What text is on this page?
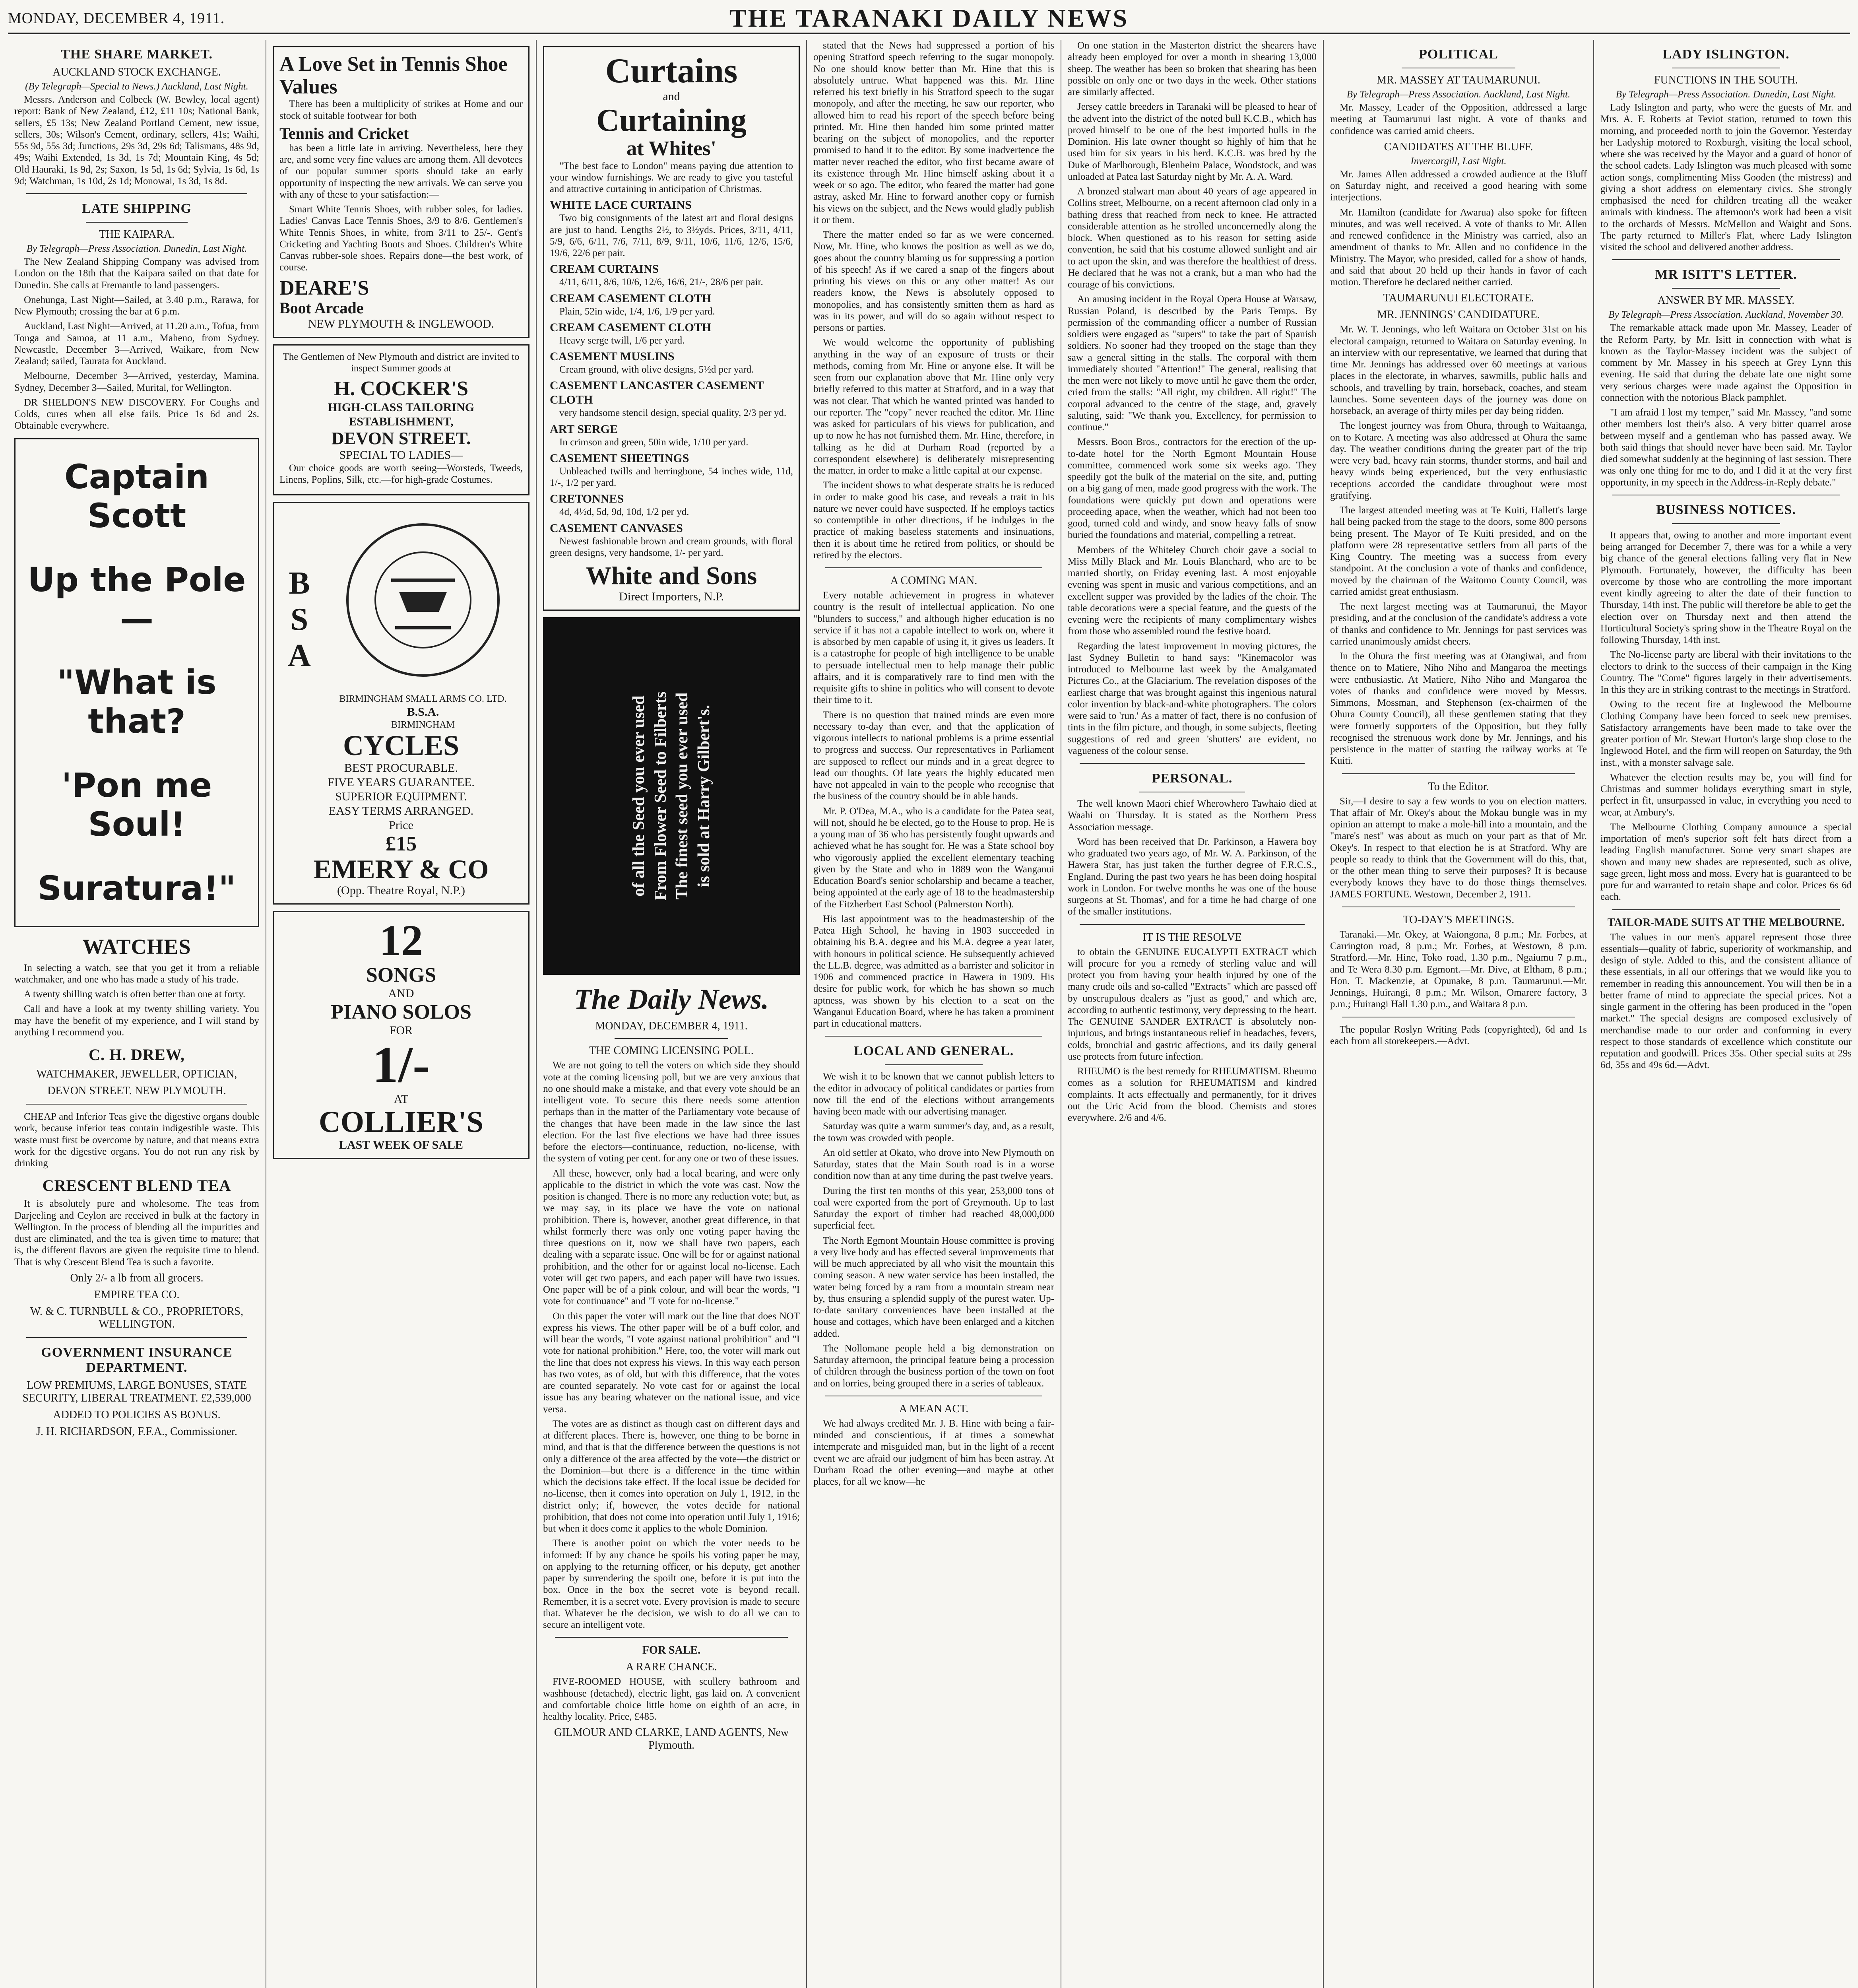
MONDAY, DECEMBER 4, 1911.	THE TARANAKI DAILY NEWS
THE SHARE MARKET.
AUCKLAND STOCK EXCHANGE.
(By Telegraph—Special to News.) Auckland, Last Night.

Messrs. Anderson and Colbeck (W. Bewley, local agent) report: Bank of New Zealand, £12, £11 10s; National Bank, sellers, £5 13s; New Zealand Portland Cement, new issue, sellers, 30s; Wilson's Cement, ordinary, sellers, 41s; Waihi, 55s 9d, 55s 3d; Junctions, 29s 3d, 29s 6d; Talismans, 48s 9d, 49s; Waihi Extended, 1s 3d, 1s 7d; Mountain King, 4s 5d; Old Hauraki, 1s 9d, 2s; Saxon, 1s 5d, 1s 6d; Sylvia, 1s 6d, 1s 9d; Watchman, 1s 10d, 2s 1d; Monowai, 1s 3d, 1s 8d.

LATE SHIPPING
THE KAIPARA.
By Telegraph—Press Association. Dunedin, Last Night.

The New Zealand Shipping Company was advised from London on the 18th that the Kaipara sailed on that date for Dunedin. She calls at Fremantle to land passengers.

Onehunga, Last Night—Sailed, at 3.40 p.m., Rarawa, for New Plymouth; crossing the bar at 6 p.m.

Auckland, Last Night—Arrived, at 11.20 a.m., Tofua, from Tonga and Samoa, at 11 a.m., Maheno, from Sydney. Newcastle, December 3—Arrived, Waikare, from New Zealand; sailed, Taurata for Auckland.

Melbourne, December 3—Arrived, yesterday, Mamina. Sydney, December 3—Sailed, Murital, for Wellington.

DR SHELDON'S NEW DISCOVERY. For Coughs and Colds, cures when all else fails. Price 1s 6d and 2s. Obtainable everywhere.

Captain Scott
Up the Pole—
"What is that?
'Pon me Soul!
Suratura!"
WATCHES

In selecting a watch, see that you get it from a reliable watchmaker, and one who has made a study of his trade.

A twenty shilling watch is often better than one at forty.

Call and have a look at my twenty shilling variety. You may have the benefit of my experience, and I will stand by anything I recommend you.

C. H. DREW,
WATCHMAKER, JEWELLER, OPTICIAN,
DEVON STREET. NEW PLYMOUTH.

CHEAP and Inferior Teas give the digestive organs double work, because inferior teas contain indigestible waste. This waste must first be overcome by nature, and that means extra work for the digestive organs. You do not run any risk by drinking

CRESCENT BLEND TEA

It is absolutely pure and wholesome. The teas from Darjeeling and Ceylon are received in bulk at the factory in Wellington. In the process of blending all the impurities and dust are eliminated, and the tea is given time to mature; that is, the different flavors are given the requisite time to blend. That is why Crescent Blend Tea is such a favorite.

Only 2/- a lb from all grocers.
EMPIRE TEA CO.
W. & C. TURNBULL & CO., PROPRIETORS, WELLINGTON.
GOVERNMENT INSURANCE DEPARTMENT.
LOW PREMIUMS, LARGE BONUSES, STATE SECURITY, LIBERAL TREATMENT. £2,539,000
ADDED TO POLICIES AS BONUS.
J. H. RICHARDSON, F.F.A., Commissioner.
A Love Set in Tennis Shoe Values

There has been a multiplicity of strikes at Home and our stock of suitable footwear for both

Tennis and Cricket

has been a little late in arriving. Nevertheless, here they are, and some very fine values are among them. All devotees of our popular summer sports should take an early opportunity of inspecting the new arrivals. We can serve you with any of these to your satisfaction:—

Smart White Tennis Shoes, with rubber soles, for ladies. Ladies' Canvas Lace Tennis Shoes, 3/9 to 8/6. Gentlemen's White Tennis Shoes, in white, from 3/11 to 25/-. Gent's Cricketing and Yachting Boots and Shoes. Children's White Canvas rubber-sole shoes. Repairs done—the best work, of course.

DEARE'S
Boot Arcade
NEW PLYMOUTH & INGLEWOOD.

The Gentlemen of New Plymouth and district are invited to inspect Summer goods at

H. COCKER'S
HIGH-CLASS TAILORING ESTABLISHMENT,
DEVON STREET.
SPECIAL TO LADIES—

Our choice goods are worth seeing—Worsteds, Tweeds, Linens, Poplins, Silk, etc.—for high-grade Costumes.

B
S
A
BIRMINGHAM SMALL ARMS CO. LTD.
B.S.A.
BIRMINGHAM
CYCLES
BEST PROCURABLE.
FIVE YEARS GUARANTEE.
SUPERIOR EQUIPMENT.
EASY TERMS ARRANGED.
Price
£15
EMERY & CO
(Opp. Theatre Royal, N.P.)
12
SONGS
AND
PIANO SOLOS
FOR
1/-
AT
COLLIER'S
LAST WEEK OF SALE
Curtains
and
Curtaining
at Whites'

"The best face to London" means paying due attention to your window furnishings. We are ready to give you tasteful and attractive curtaining in anticipation of Christmas.

WHITE LACE CURTAINS

Two big consignments of the latest art and floral designs are just to hand. Lengths 2½, to 3½yds. Prices, 3/11, 4/11, 5/9, 6/6, 6/11, 7/6, 7/11, 8/9, 9/11, 10/6, 11/6, 12/6, 15/6, 19/6, 22/6 per pair.

CREAM CURTAINS

4/11, 6/11, 8/6, 10/6, 12/6, 16/6, 21/-, 28/6 per pair.

CREAM CASEMENT CLOTH

Plain, 52in wide, 1/4, 1/6, 1/9 per yard.

CREAM CASEMENT CLOTH

Heavy serge twill, 1/6 per yard.

CASEMENT MUSLINS

Cream ground, with olive designs, 5½d per yard.

CASEMENT LANCASTER CASEMENT CLOTH

very handsome stencil design, special quality, 2/3 per yd.

ART SERGE

In crimson and green, 50in wide, 1/10 per yard.

CASEMENT SHEETINGS

Unbleached twills and herringbone, 54 inches wide, 11d, 1/-, 1/2 per yard.

CRETONNES

4d, 4½d, 5d, 9d, 10d, 1/2 per yd.

CASEMENT CANVASES

Newest fashionable brown and cream grounds, with floral green designs, very handsome, 1/- per yard.

White and Sons
Direct Importers, N.P.
of all the Seed you ever used From Flower Seed to Filberts The finest seed you ever used is sold at Harry Gilbert's.
The Daily News.
MONDAY, DECEMBER 4, 1911.
THE COMING LICENSING POLL.

We are not going to tell the voters on which side they should vote at the coming licensing poll, but we are very anxious that no one should make a mistake, and that every vote should be an intelligent vote. To secure this there needs some attention perhaps than in the matter of the Parliamentary vote because of the changes that have been made in the law since the last election. For the last five elections we have had three issues before the electors—continuance, reduction, no-license, with the system of voting per cent. for any one or two of these issues.

All these, however, only had a local bearing, and were only applicable to the district in which the vote was cast. Now the position is changed. There is no more any reduction vote; but, as we may say, in its place we have the vote on national prohibition. There is, however, another great difference, in that whilst formerly there was only one voting paper having the three questions on it, now we shall have two papers, each dealing with a separate issue. One will be for or against national prohibition, and the other for or against local no-license. Each voter will get two papers, and each paper will have two issues. One paper will be of a pink colour, and will bear the words, "I vote for continuance" and "I vote for no-license."

On this paper the voter will mark out the line that does NOT express his views. The other paper will be of a buff color, and will bear the words, "I vote against national prohibition" and "I vote for national prohibition." Here, too, the voter will mark out the line that does not express his views. In this way each person has two votes, as of old, but with this difference, that the votes are counted separately. No vote cast for or against the local issue has any bearing whatever on the national issue, and vice versa.

The votes are as distinct as though cast on different days and at different places. There is, however, one thing to be borne in mind, and that is that the difference between the questions is not only a difference of the area affected by the vote—the district or the Dominion—but there is a difference in the time within which the decisions take effect. If the local issue be decided for no-license, then it comes into operation on July 1, 1912, in the district only; if, however, the votes decide for national prohibition, that does not come into operation until July 1, 1916; but when it does come it applies to the whole Dominion.

There is another point on which the voter needs to be informed: If by any chance he spoils his voting paper he may, on applying to the returning officer, or his deputy, get another paper by surrendering the spoilt one, before it is put into the box. Once in the box the secret vote is beyond recall. Remember, it is a secret vote. Every provision is made to secure that. Whatever be the decision, we wish to do all we can to secure an intelligent vote.

FOR SALE.
A RARE CHANCE.

FIVE-ROOMED HOUSE, with scullery bathroom and washhouse (detached), electric light, gas laid on. A convenient and comfortable choice little home on eighth of an acre, in healthy locality. Price, £485.

GILMOUR AND CLARKE, LAND AGENTS, New Plymouth.

stated that the News had suppressed a portion of his opening Stratford speech referring to the sugar monopoly. No one should know better than Mr. Hine that this is absolutely untrue. What happened was this. Mr. Hine referred his text briefly in his Stratford speech to the sugar monopoly, and after the meeting, he saw our reporter, who allowed him to read his report of the speech before being printed. Mr. Hine then handed him some printed matter bearing on the subject of monopolies, and the reporter promised to hand it to the editor. By some inadvertence the matter never reached the editor, who first became aware of its existence through Mr. Hine himself asking about it a week or so ago. The editor, who feared the matter had gone astray, asked Mr. Hine to forward another copy or furnish his views on the subject, and the News would gladly publish it or them.

There the matter ended so far as we were concerned. Now, Mr. Hine, who knows the position as well as we do, goes about the country blaming us for suppressing a portion of his speech! As if we cared a snap of the fingers about printing his views on this or any other matter! As our readers know, the News is absolutely opposed to monopolies, and has consistently smitten them as hard as was in its power, and will do so again without respect to persons or parties.

We would welcome the opportunity of publishing anything in the way of an exposure of trusts or their methods, coming from Mr. Hine or anyone else. It will be seen from our explanation above that Mr. Hine only very briefly referred to this matter at Stratford, and in a way that was not clear. That which he wanted printed was handed to our reporter. The "copy" never reached the editor. Mr. Hine was asked for particulars of his views for publication, and up to now he has not furnished them. Mr. Hine, therefore, in talking as he did at Durham Road (reported by a correspondent elsewhere) is deliberately misrepresenting the matter, in order to make a little capital at our expense.

The incident shows to what desperate straits he is reduced in order to make good his case, and reveals a trait in his nature we never could have suspected. If he employs tactics so contemptible in other directions, if he indulges in the practice of making baseless statements and insinuations, then it is about time he retired from politics, or should be retired by the electors.

A COMING MAN.

Every notable achievement in progress in whatever country is the result of intellectual application. No one "blunders to success," and although higher education is no service if it has not a capable intellect to work on, where it is absorbed by men capable of using it, it gives us leaders. It is a catastrophe for people of high intelligence to be unable to persuade intellectual men to help manage their public affairs, and it is comparatively rare to find men with the requisite gifts to shine in politics who will consent to devote their time to it.

There is no question that trained minds are even more necessary to-day than ever, and that the application of vigorous intellects to national problems is a prime essential to progress and success. Our representatives in Parliament are supposed to reflect our minds and in a great degree to lead our thoughts. Of late years the highly educated men have not appealed in vain to the people who recognise that the business of the country should be in able hands.

Mr. P. O'Dea, M.A., who is a candidate for the Patea seat, will not, should he be elected, go to the House to prop. He is a young man of 36 who has persistently fought upwards and achieved what he has sought for. He was a State school boy who vigorously applied the excellent elementary teaching given by the State and who in 1889 won the Wanganui Education Board's senior scholarship and became a teacher, being appointed at the early age of 18 to the headmastership of the Fitzherbert East School (Palmerston North).

His last appointment was to the headmastership of the Patea High School, he having in 1903 succeeded in obtaining his B.A. degree and his M.A. degree a year later, with honours in political science. He subsequently achieved the LL.B. degree, was admitted as a barrister and solicitor in 1906 and commenced practice in Hawera in 1909. His desire for public work, for which he has shown so much aptness, was shown by his election to a seat on the Wanganui Education Board, where he has taken a prominent part in educational matters.

LOCAL AND GENERAL.

We wish it to be known that we cannot publish letters to the editor in advocacy of political candidates or parties from now till the end of the elections without arrangements having been made with our advertising manager.

Saturday was quite a warm summer's day, and, as a result, the town was crowded with people.

An old settler at Okato, who drove into New Plymouth on Saturday, states that the Main South road is in a worse condition now than at any time during the past twelve years.

During the first ten months of this year, 253,000 tons of coal were exported from the port of Greymouth. Up to last Saturday the export of timber had reached 48,000,000 superficial feet.

The North Egmont Mountain House committee is proving a very live body and has effected several improvements that will be much appreciated by all who visit the mountain this coming season. A new water service has been installed, the water being forced by a ram from a mountain stream near by, thus ensuring a splendid supply of the purest water. Up-to-date sanitary conveniences have been installed at the house and cottages, which have been enlarged and a kitchen added.

The Nollomane people held a big demonstration on Saturday afternoon, the principal feature being a procession of children through the business portion of the town on foot and on lorries, being grouped there in a series of tableaux.

A MEAN ACT.

We had always credited Mr. J. B. Hine with being a fair-minded and conscientious, if at times a somewhat intemperate and misguided man, but in the light of a recent event we are afraid our judgment of him has been astray. At Durham Road the other evening—and maybe at other places, for all we know—he

On one station in the Masterton district the shearers have already been employed for over a month in shearing 13,000 sheep. The weather has been so broken that shearing has been possible on only one or two days in the week. Other stations are similarly affected.

Jersey cattle breeders in Taranaki will be pleased to hear of the advent into the district of the noted bull K.C.B., which has proved himself to be one of the best imported bulls in the Dominion. His late owner thought so highly of him that he used him for six years in his herd. K.C.B. was bred by the Duke of Marlborough, Blenheim Palace, Woodstock, and was unloaded at Patea last Saturday night by Mr. A. A. Ward.

A bronzed stalwart man about 40 years of age appeared in Collins street, Melbourne, on a recent afternoon clad only in a bathing dress that reached from neck to knee. He attracted considerable attention as he strolled unconcernedly along the block. When questioned as to his reason for setting aside convention, he said that his costume allowed sunlight and air to act upon the skin, and was therefore the healthiest of dress. He declared that he was not a crank, but a man who had the courage of his convictions.

An amusing incident in the Royal Opera House at Warsaw, Russian Poland, is described by the Paris Temps. By permission of the commanding officer a number of Russian soldiers were engaged as "supers" to take the part of Spanish soldiers. No sooner had they trooped on the stage than they saw a general sitting in the stalls. The corporal with them immediately shouted "Attention!" The general, realising that the men were not likely to move until he gave them the order, cried from the stalls: "All right, my children. All right!" The corporal advanced to the centre of the stage, and, gravely saluting, said: "We thank you, Excellency, for permission to continue."

Messrs. Boon Bros., contractors for the erection of the up-to-date hotel for the North Egmont Mountain House committee, commenced work some six weeks ago. They speedily got the bulk of the material on the site, and, putting on a big gang of men, made good progress with the work. The foundations were quickly put down and operations were proceeding apace, when the weather, which had not been too good, turned cold and windy, and snow heavy falls of snow buried the foundations and material, compelling a retreat.

Members of the Whiteley Church choir gave a social to Miss Milly Black and Mr. Louis Blanchard, who are to be married shortly, on Friday evening last. A most enjoyable evening was spent in music and various competitions, and an excellent supper was provided by the ladies of the choir. The table decorations were a special feature, and the guests of the evening were the recipients of many complimentary wishes from those who assembled round the festive board.

Regarding the latest improvement in moving pictures, the last Sydney Bulletin to hand says: "Kinemacolor was introduced to Melbourne last week by the Amalgamated Pictures Co., at the Glaciarium. The revelation disposes of the earliest charge that was brought against this ingenious natural color invention by black-and-white photographers. The colors were said to 'run.' As a matter of fact, there is no confusion of tints in the film picture, and though, in some subjects, fleeting suggestions of red and green 'shutters' are evident, no vagueness of the colour sense.

PERSONAL.

The well known Maori chief Wherowhero Tawhaio died at Waahi on Thursday. It is stated as the Northern Press Association message.

Word has been received that Dr. Parkinson, a Hawera boy who graduated two years ago, of Mr. W. A. Parkinson, of the Hawera Star, has just taken the further degree of F.R.C.S., England. During the past two years he has been doing hospital work in London. For twelve months he was one of the house surgeons at St. Thomas', and for a time he had charge of one of the smaller institutions.

IT IS THE RESOLVE

to obtain the GENUINE EUCALYPTI EXTRACT which will procure for you a remedy of sterling value and will protect you from having your health injured by one of the many crude oils and so-called "Extracts" which are passed off by unscrupulous dealers as "just as good," and which are, according to authentic testimony, very depressing to the heart. The GENUINE SANDER EXTRACT is absolutely non-injurious, and brings instantaneous relief in headaches, fevers, colds, bronchial and gastric affections, and its daily general use protects from future infection.

RHEUMO is the best remedy for RHEUMATISM. Rheumo comes as a solution for RHEUMATISM and kindred complaints. It acts effectually and permanently, for it drives out the Uric Acid from the blood. Chemists and stores everywhere. 2/6 and 4/6.

POLITICAL
MR. MASSEY AT TAUMARUNUI.
By Telegraph—Press Association. Auckland, Last Night.

Mr. Massey, Leader of the Opposition, addressed a large meeting at Taumarunui last night. A vote of thanks and confidence was carried amid cheers.

CANDIDATES AT THE BLUFF.
Invercargill, Last Night.

Mr. James Allen addressed a crowded audience at the Bluff on Saturday night, and received a good hearing with some interjections.

Mr. Hamilton (candidate for Awarua) also spoke for fifteen minutes, and was well received. A vote of thanks to Mr. Allen and renewed confidence in the Ministry was carried, also an amendment of thanks to Mr. Allen and no confidence in the Ministry. The Mayor, who presided, called for a show of hands, and said that about 20 held up their hands in favor of each motion. Therefore he declared neither carried.

TAUMARUNUI ELECTORATE.
MR. JENNINGS' CANDIDATURE.

Mr. W. T. Jennings, who left Waitara on October 31st on his electoral campaign, returned to Waitara on Saturday evening. In an interview with our representative, we learned that during that time Mr. Jennings has addressed over 60 meetings at various places in the electorate, in wharves, sawmills, public halls and schools, and travelling by train, horseback, coaches, and steam launches. Some seventeen days of the journey was done on horseback, an average of thirty miles per day being ridden.

The longest journey was from Ohura, through to Waitaanga, on to Kotare. A meeting was also addressed at Ohura the same day. The weather conditions during the greater part of the trip were very bad, heavy rain storms, thunder storms, and hail and heavy winds being experienced, but the very enthusiastic receptions accorded the candidate throughout were most gratifying.

The largest attended meeting was at Te Kuiti, Hallett's large hall being packed from the stage to the doors, some 800 persons being present. The Mayor of Te Kuiti presided, and on the platform were 28 representative settlers from all parts of the King Country. The meeting was a success from every standpoint. At the conclusion a vote of thanks and confidence, moved by the chairman of the Waitomo County Council, was carried amidst great enthusiasm.

The next largest meeting was at Taumarunui, the Mayor presiding, and at the conclusion of the candidate's address a vote of thanks and confidence to Mr. Jennings for past services was carried unanimously amidst cheers.

In the Ohura the first meeting was at Otangiwai, and from thence on to Matiere, Niho Niho and Mangaroa the meetings were enthusiastic. At Matiere, Niho Niho and Mangaroa the votes of thanks and confidence were moved by Messrs. Simmons, Mossman, and Stephenson (ex-chairmen of the Ohura County Council), all these gentlemen stating that they were formerly supporters of the Opposition, but they fully recognised the strenuous work done by Mr. Jennings, and his persistence in the matter of starting the railway works at Te Kuiti.

To the Editor.

Sir,—I desire to say a few words to you on election matters. That affair of Mr. Okey's about the Mokau bungle was in my opinion an attempt to make a mole-hill into a mountain, and the "mare's nest" was about as much on your part as that of Mr. Okey's. In respect to that election he is at Stratford. Why are people so ready to think that the Government will do this, that, or the other mean thing to serve their purposes? It is because everybody knows they have to do those things themselves. JAMES FORTUNE. Westown, December 2, 1911.

TO-DAY'S MEETINGS.

Taranaki.—Mr. Okey, at Waiongona, 8 p.m.; Mr. Forbes, at Carrington road, 8 p.m.; Mr. Forbes, at Westown, 8 p.m. Stratford.—Mr. Hine, Toko road, 1.30 p.m., Ngaiumu 7 p.m., and Te Wera 8.30 p.m. Egmont.—Mr. Dive, at Eltham, 8 p.m.; Hon. T. Mackenzie, at Opunake, 8 p.m. Taumarunui.—Mr. Jennings, Huirangi, 8 p.m.; Mr. Wilson, Omarere factory, 3 p.m.; Huirangi Hall 1.30 p.m., and Waitara 8 p.m.

The popular Roslyn Writing Pads (copyrighted), 6d and 1s each from all storekeepers.—Advt.

LADY ISLINGTON.
FUNCTIONS IN THE SOUTH.
By Telegraph—Press Association. Dunedin, Last Night.

Lady Islington and party, who were the guests of Mr. and Mrs. A. F. Roberts at Teviot station, returned to town this morning, and proceeded north to join the Governor. Yesterday her Ladyship motored to Roxburgh, visiting the local school, where she was received by the Mayor and a guard of honor of the school cadets. Lady Islington was much pleased with some action songs, complimenting Miss Gooden (the mistress) and giving a short address on elementary civics. She strongly emphasised the need for children treating all the weaker animals with kindness. The afternoon's work had been a visit to the orchards of Messrs. McMellon and Waight and Sons. The party returned to Miller's Flat, where Lady Islington visited the school and delivered another address.

MR ISITT'S LETTER.
ANSWER BY MR. MASSEY.
By Telegraph—Press Association. Auckland, November 30.

The remarkable attack made upon Mr. Massey, Leader of the Reform Party, by Mr. Isitt in connection with what is known as the Taylor-Massey incident was the subject of comment by Mr. Massey in his speech at Grey Lynn this evening. He said that during the debate late one night some very serious charges were made against the Opposition in connection with the notorious Black pamphlet.

"I am afraid I lost my temper," said Mr. Massey, "and some other members lost their's also. A very bitter quarrel arose between myself and a gentleman who has passed away. We both said things that should never have been said. Mr. Taylor died somewhat suddenly at the beginning of last session. There was only one thing for me to do, and I did it at the very first opportunity, in my speech in the Address-in-Reply debate."

BUSINESS NOTICES.

It appears that, owing to another and more important event being arranged for December 7, there was for a while a very big chance of the general elections falling very flat in New Plymouth. Fortunately, however, the difficulty has been overcome by those who are controlling the more important event kindly agreeing to alter the date of their function to Thursday, 14th inst. The public will therefore be able to get the election over on Thursday next and then attend the Horticultural Society's spring show in the Theatre Royal on the following Thursday, 14th inst.

The No-license party are liberal with their invitations to the electors to drink to the success of their campaign in the King Country. The "Come" figures largely in their advertisements. In this they are in striking contrast to the meetings in Stratford.

Owing to the recent fire at Inglewood the Melbourne Clothing Company have been forced to seek new premises. Satisfactory arrangements have been made to take over the greater portion of Mr. Stewart Hurton's large shop close to the Inglewood Hotel, and the firm will reopen on Saturday, the 9th inst., with a monster salvage sale.

Whatever the election results may be, you will find for Christmas and summer holidays everything smart in style, perfect in fit, unsurpassed in value, in everything you need to wear, at Ambury's.

The Melbourne Clothing Company announce a special importation of men's superior soft felt hats direct from a leading English manufacturer. Some very smart shapes are shown and many new shades are represented, such as olive, sage green, light moss and moss. Every hat is guaranteed to be pure fur and warranted to retain shape and color. Prices 6s 6d each.

TAILOR-MADE SUITS AT THE MELBOURNE.

The values in our men's apparel represent those three essentials—quality of fabric, superiority of workmanship, and design of style. Added to this, and the consistent alliance of these essentials, in all our offerings that we would like you to remember in reading this announcement. You will then be in a better frame of mind to appreciate the special prices. Not a single garment in the offering has been produced in the "open market." The special designs are composed exclusively of merchandise made to our order and conforming in every respect to those standards of excellence which constitute our reputation and goodwill. Prices 35s. Other special suits at 29s 6d, 35s and 49s 6d.—Advt.
